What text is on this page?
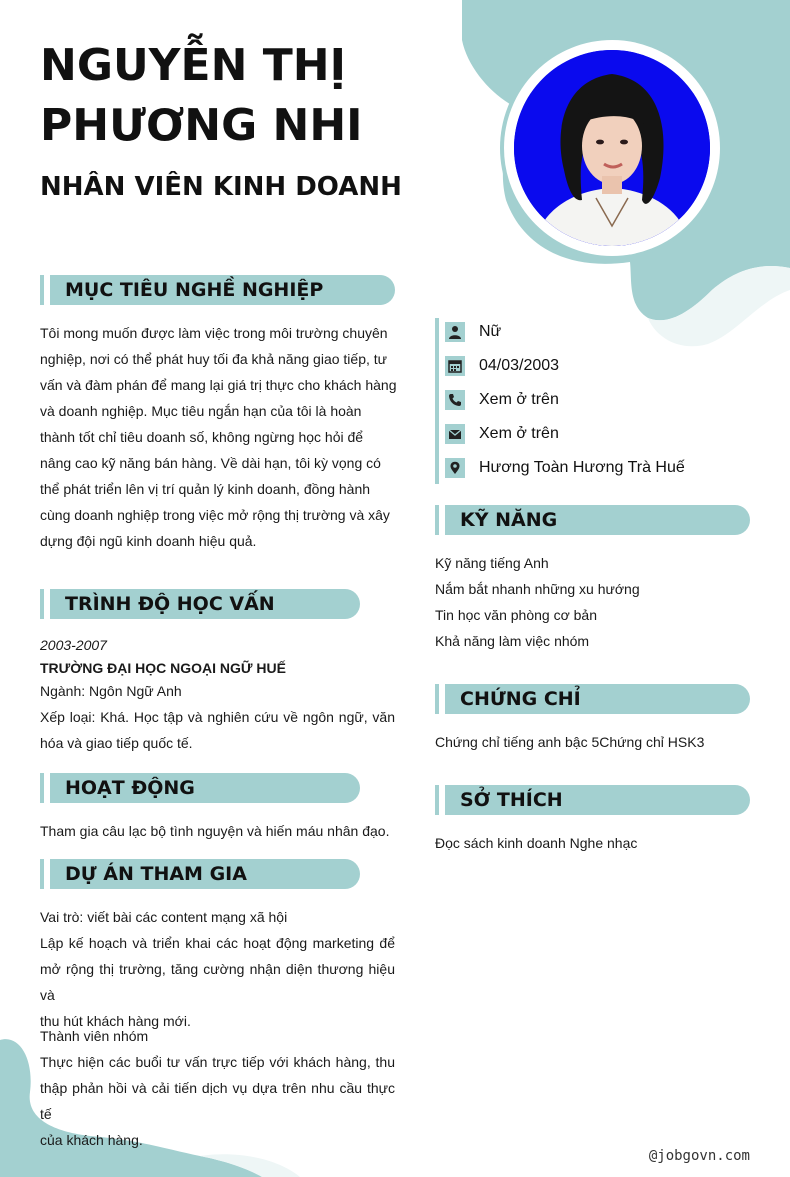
NGUYỄN THỊ
PHƯƠNG NHI
NHÂN VIÊN KINH DOANH
MỤC TIÊU NGHỀ NGHIỆP
Tôi mong muốn được làm việc trong môi trường chuyên
nghiệp, nơi có thể phát huy tối đa khả năng giao tiếp, tư
vấn và đàm phán để mang lại giá trị thực cho khách hàng
và doanh nghiệp. Mục tiêu ngắn hạn của tôi là hoàn
thành tốt chỉ tiêu doanh số, không ngừng học hỏi để
nâng cao kỹ năng bán hàng. Về dài hạn, tôi kỳ vọng có
thể phát triển lên vị trí quản lý kinh doanh, đồng hành
cùng doanh nghiệp trong việc mở rộng thị trường và xây
dựng đội ngũ kinh doanh hiệu quả.
TRÌNH ĐỘ HỌC VẤN
2003-2007
TRƯỜNG ĐẠI HỌC NGOẠI NGỮ HUẾ
Ngành: Ngôn Ngữ Anh
Xếp loại: Khá. Học tập và nghiên cứu về ngôn ngữ, văn
hóa và giao tiếp quốc tế.
HOẠT ĐỘNG
Tham gia câu lạc bộ tình nguyện và hiến máu nhân đạo.
DỰ ÁN THAM GIA
Vai trò: viết bài các content mạng xã hội
Lập kế hoạch và triển khai các hoạt động marketing để
mở rộng thị trường, tăng cường nhận diện thương hiệu và
thu hút khách hàng mới.
Thành viên nhóm
Thực hiện các buổi tư vấn trực tiếp với khách hàng, thu
thập phản hồi và cải tiến dịch vụ dựa trên nhu cầu thực tế
của khách hàng.
Nữ
04/03/2003
Xem ở trên
Xem ở trên
Hương Toàn Hương Trà Huế
KỸ NĂNG
Kỹ năng tiếng Anh
Nắm bắt nhanh những xu hướng
Tin học văn phòng cơ bản
Khả năng làm việc nhóm
CHỨNG CHỈ
Chứng chỉ tiếng anh bậc 5Chứng chỉ HSK3
SỞ THÍCH
Đọc sách kinh doanh Nghe nhạc
@jobgovn.com
